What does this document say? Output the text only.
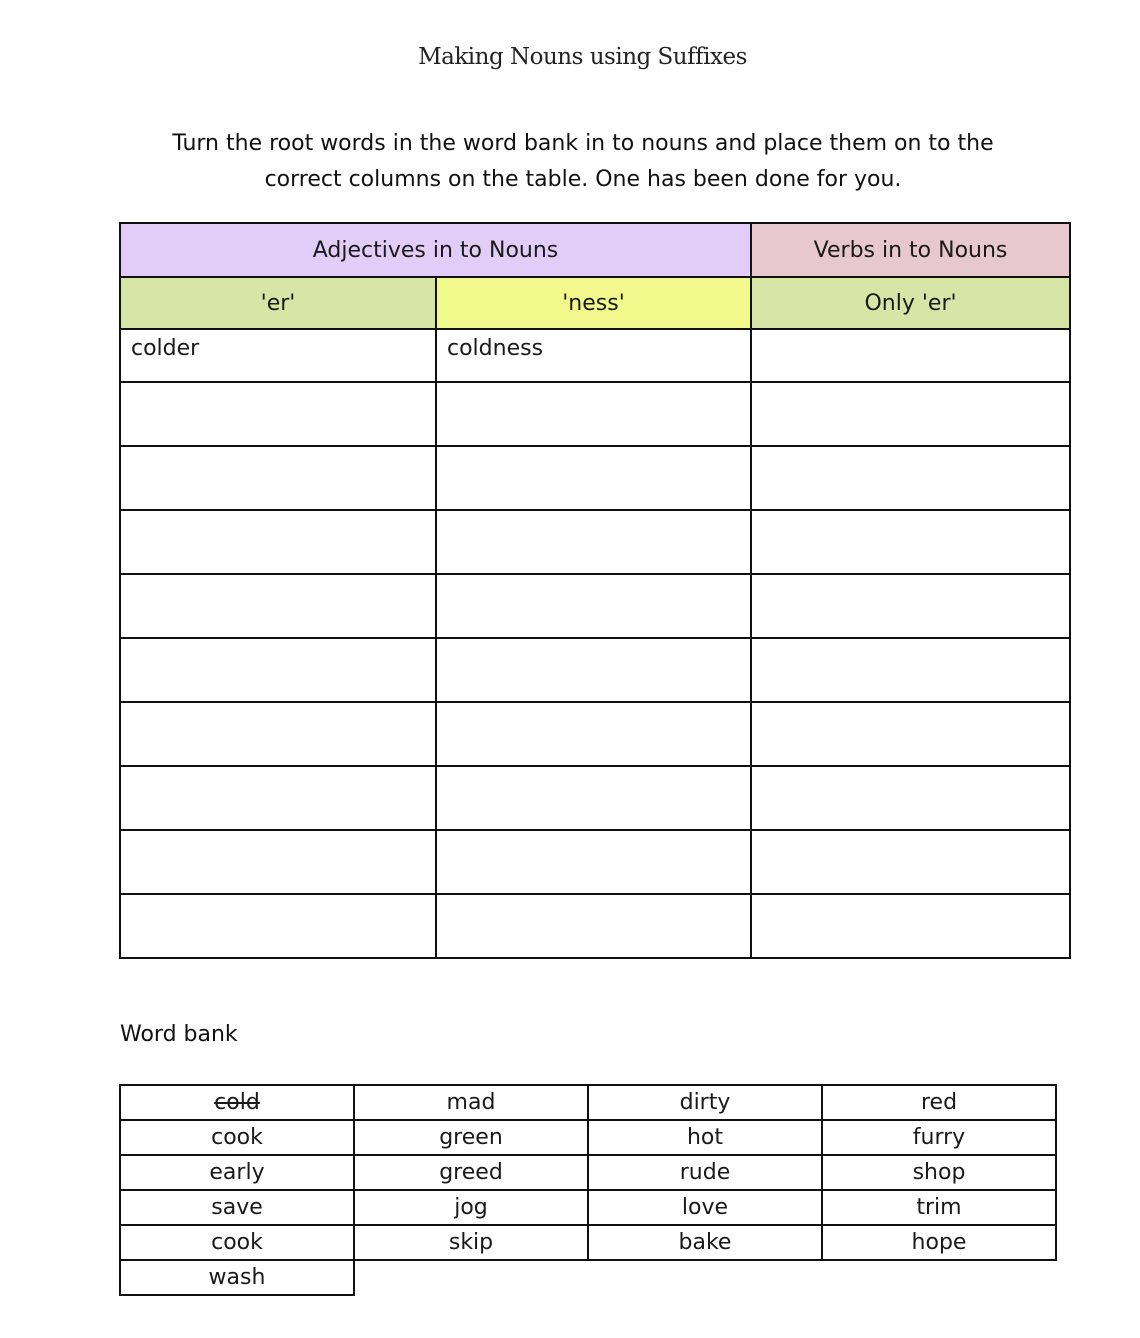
Making Nouns using Suffixes
Turn the root words in the word bank in to nouns and place them on to the
correct columns on the table. One has been done for you.
Adjectives in to Nouns		Verbs in to Nouns
'er'	'ness'	Only 'er'

colder	coldness	

Word bank
cold	mad	dirty	red
cook	green	hot	furry
early	greed	rude	shop
save	jog	love	trim
cook	skip	bake	hope
wash			
